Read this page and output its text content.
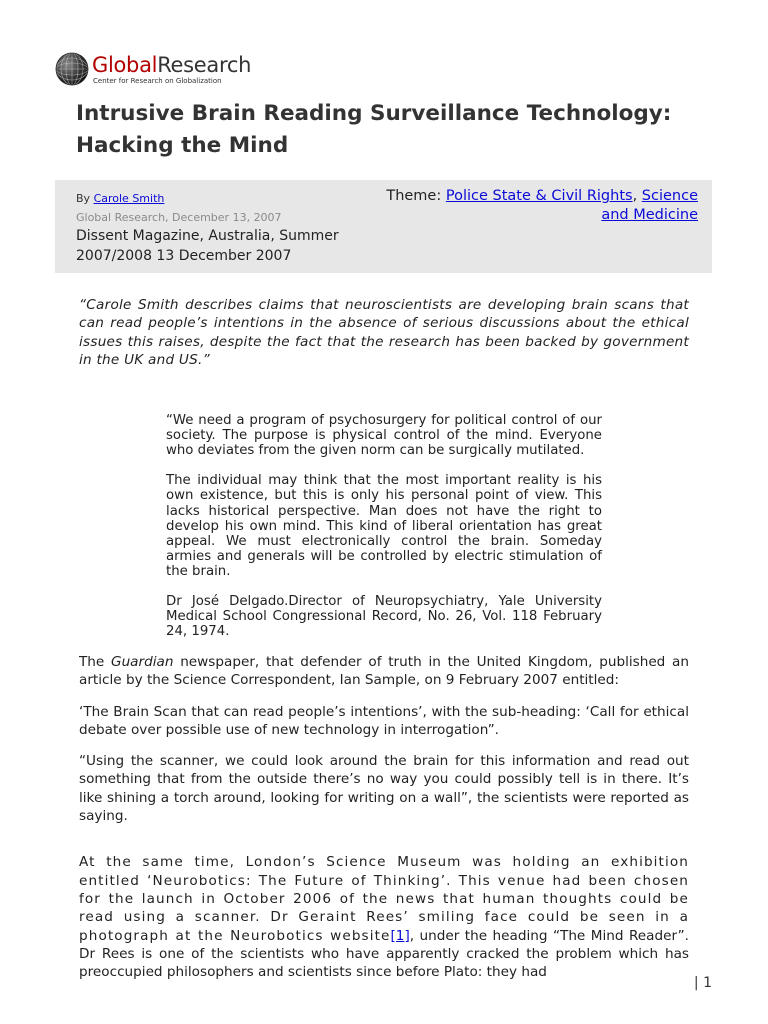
GlobalResearch
Center for Research on Globalization
Intrusive Brain Reading Surveillance Technology: Hacking the Mind
By Carole Smith
Global Research, December 13, 2007
Dissent Magazine, Australia, Summer 2007/2008 13 December 2007
Theme: Police State & Civil Rights, Science and Medicine

“Carole Smith describes claims that neuroscientists are developing brain scans that can read people’s intentions in the absence of serious discussions about the ethical issues this raises, despite the fact that the research has been backed by government in the UK and US.”

“We need a program of psychosurgery for political control of our society. The purpose is physical control of the mind. Everyone who deviates from the given norm can be surgically mutilated.

The individual may think that the most important reality is his own existence, but this is only his personal point of view. This lacks historical perspective. Man does not have the right to develop his own mind. This kind of liberal orientation has great appeal. We must electronically control the brain. Someday armies and generals will be controlled by electric stimulation of the brain.

Dr José Delgado.Director of Neuropsychiatry, Yale University Medical School Congressional Record, No. 26, Vol. 118 February 24, 1974.

The Guardian newspaper, that defender of truth in the United Kingdom, published an article by the Science Correspondent, Ian Sample, on 9 February 2007 entitled:

‘The Brain Scan that can read people’s intentions’, with the sub-heading: ‘Call for ethical debate over possible use of new technology in interrogation”.

“Using the scanner, we could look around the brain for this information and read out something that from the outside there’s no way you could possibly tell is in there. It’s like shining a torch around, looking for writing on a wall”, the scientists were reported as saying.

At the same time, London’s Science Museum was holding an exhibition entitled ‘Neurobotics: The Future of Thinking’. This venue had been chosen for the launch in October 2006 of the news that human thoughts could be read using a scanner. Dr Geraint Rees’ smiling face could be seen in a photograph at the Neurobotics website[1], under the heading “The Mind Reader”. Dr Rees is one of the scientists who have apparently cracked the problem which has preoccupied philosophers and scientists since before Plato: they had

| 1
